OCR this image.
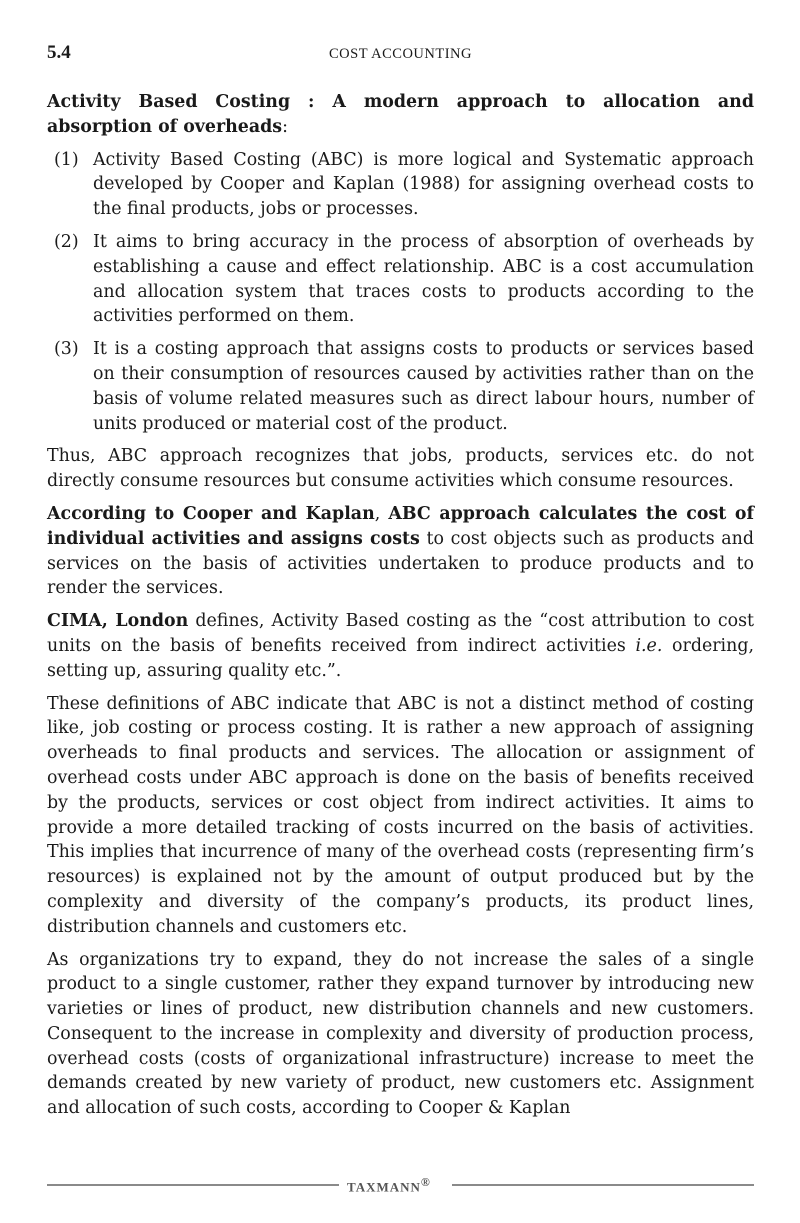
5.4	COST ACCOUNTING

Activity Based Costing : A modern approach to allocation and absorption of overheads:

(1) Activity Based Costing (ABC) is more logical and Systematic approach developed by Cooper and Kaplan (1988) for assigning overhead costs to the final products, jobs or processes.
(2) It aims to bring accuracy in the process of absorption of overheads by establishing a cause and effect relationship. ABC is a cost accumulation and allocation system that traces costs to products according to the activities performed on them.
(3) It is a costing approach that assigns costs to products or services based on their consumption of resources caused by activities rather than on the basis of volume related measures such as direct labour hours, number of units produced or material cost of the product.

Thus, ABC approach recognizes that jobs, products, services etc. do not directly consume resources but consume activities which consume resources.

According to Cooper and Kaplan, ABC approach calculates the cost of individual activities and assigns costs to cost objects such as products and services on the basis of activities undertaken to produce products and to render the services.

CIMA, London defines, Activity Based costing as the “cost attribution to cost units on the basis of benefits received from indirect activities i.e. ordering, setting up, assuring quality etc.”.

These definitions of ABC indicate that ABC is not a distinct method of costing like, job costing or process costing. It is rather a new approach of assigning overheads to final products and services. The allocation or assignment of overhead costs under ABC approach is done on the basis of benefits received by the products, services or cost object from indirect activities. It aims to provide a more detailed tracking of costs incurred on the basis of activities. This implies that incurrence of many of the overhead costs (representing firm’s resources) is explained not by the amount of output produced but by the complexity and diversity of the company’s products, its product lines, distribution channels and customers etc.

As organizations try to expand, they do not increase the sales of a single product to a single customer, rather they expand turnover by introducing new varieties or lines of product, new distribution channels and new customers. Consequent to the increase in complexity and diversity of production process, overhead costs (costs of organizational infrastructure) increase to meet the demands created by new variety of product, new customers etc. Assignment and allocation of such costs, according to Cooper & Kaplan

TAXMANN®
